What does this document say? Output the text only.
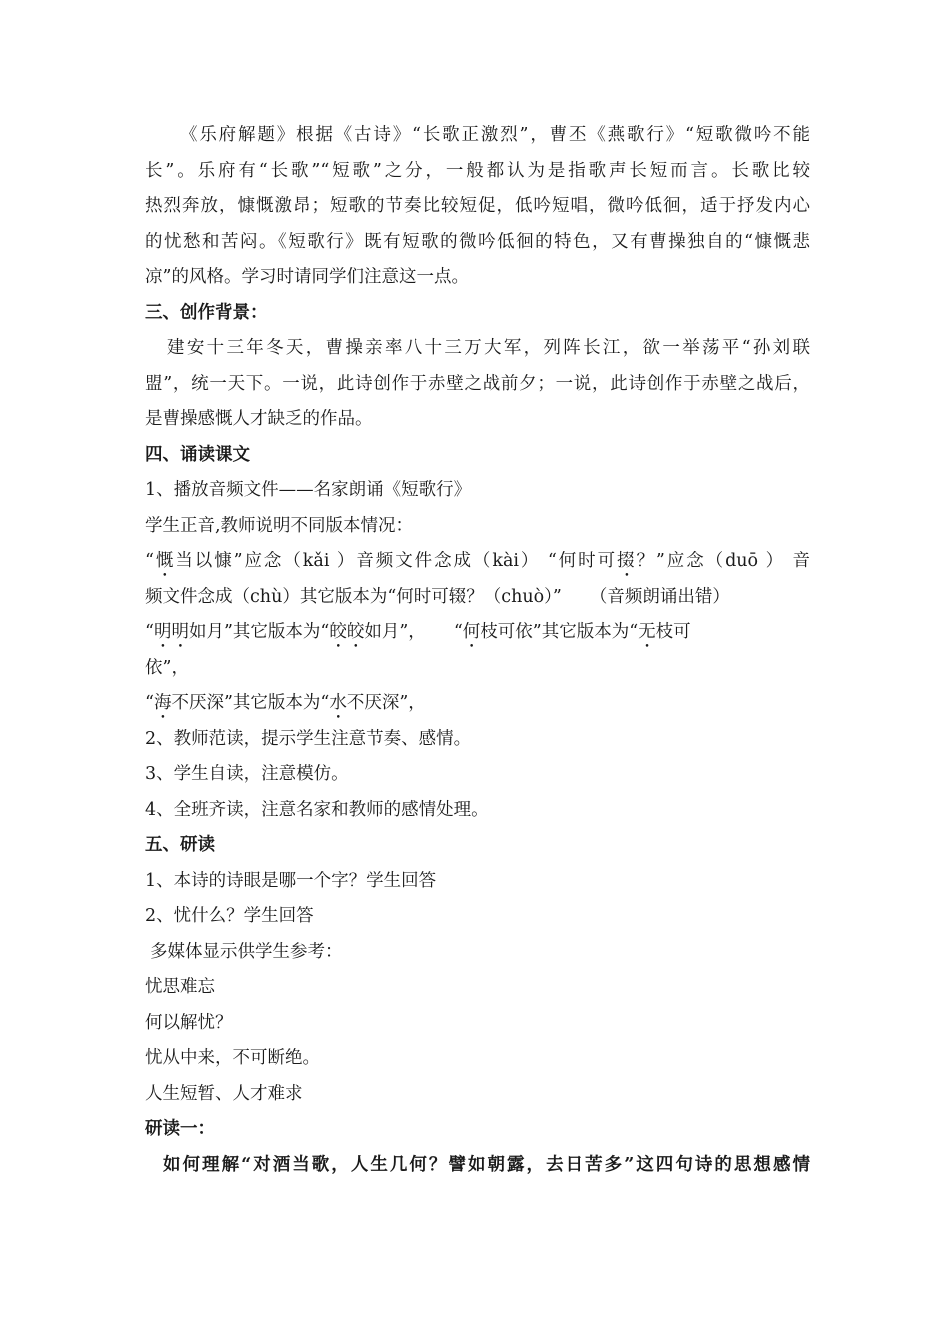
《乐府解题》根据《古诗》“长歌正激烈”，曹丕《燕歌行》“短歌微吟不能
长”。乐府有“长歌”“短歌”之分，一般都认为是指歌声长短而言。长歌比较
热烈奔放，慷慨激昂；短歌的节奏比较短促，低吟短唱，微吟低徊，适于抒发内心
的忧愁和苦闷。《短歌行》既有短歌的微吟低徊的特色，又有曹操独自的“慷慨悲
凉”的风格。学习时请同学们注意这一点。
三、创作背景：
建安十三年冬天，曹操亲率八十三万大军，列阵长江，欲一举荡平“孙刘联
盟”，统一天下。一说，此诗创作于赤壁之战前夕；一说，此诗创作于赤壁之战后，
是曹操感慨人才缺乏的作品。
四、诵读课文
1、播放音频文件——名家朗诵《短歌行》
学生正音,教师说明不同版本情况：
“慨当以慷”应念（kǎi ）音频文件念成（kài） “何时可掇？”应念（duō ） 音
频文件念成（chù）其它版本为“何时可辍？（chuò）” （音频朗诵出错）
“明明如月”其它版本为“皎皎如月”， “何枝可依”其它版本为“无枝可
依”，
“海不厌深”其它版本为“水不厌深”，
2、教师范读，提示学生注意节奏、感情。
3、学生自读，注意模仿。
4、全班齐读，注意名家和教师的感情处理。
五、研读
1、本诗的诗眼是哪一个字？学生回答
2、忧什么？学生回答
多媒体显示供学生参考：
忧思难忘
何以解忧？
忧从中来，不可断绝。
人生短暂、人才难求
研读一：
如何理解“对酒当歌，人生几何？譬如朝露，去日苦多”这四句诗的思想感情
